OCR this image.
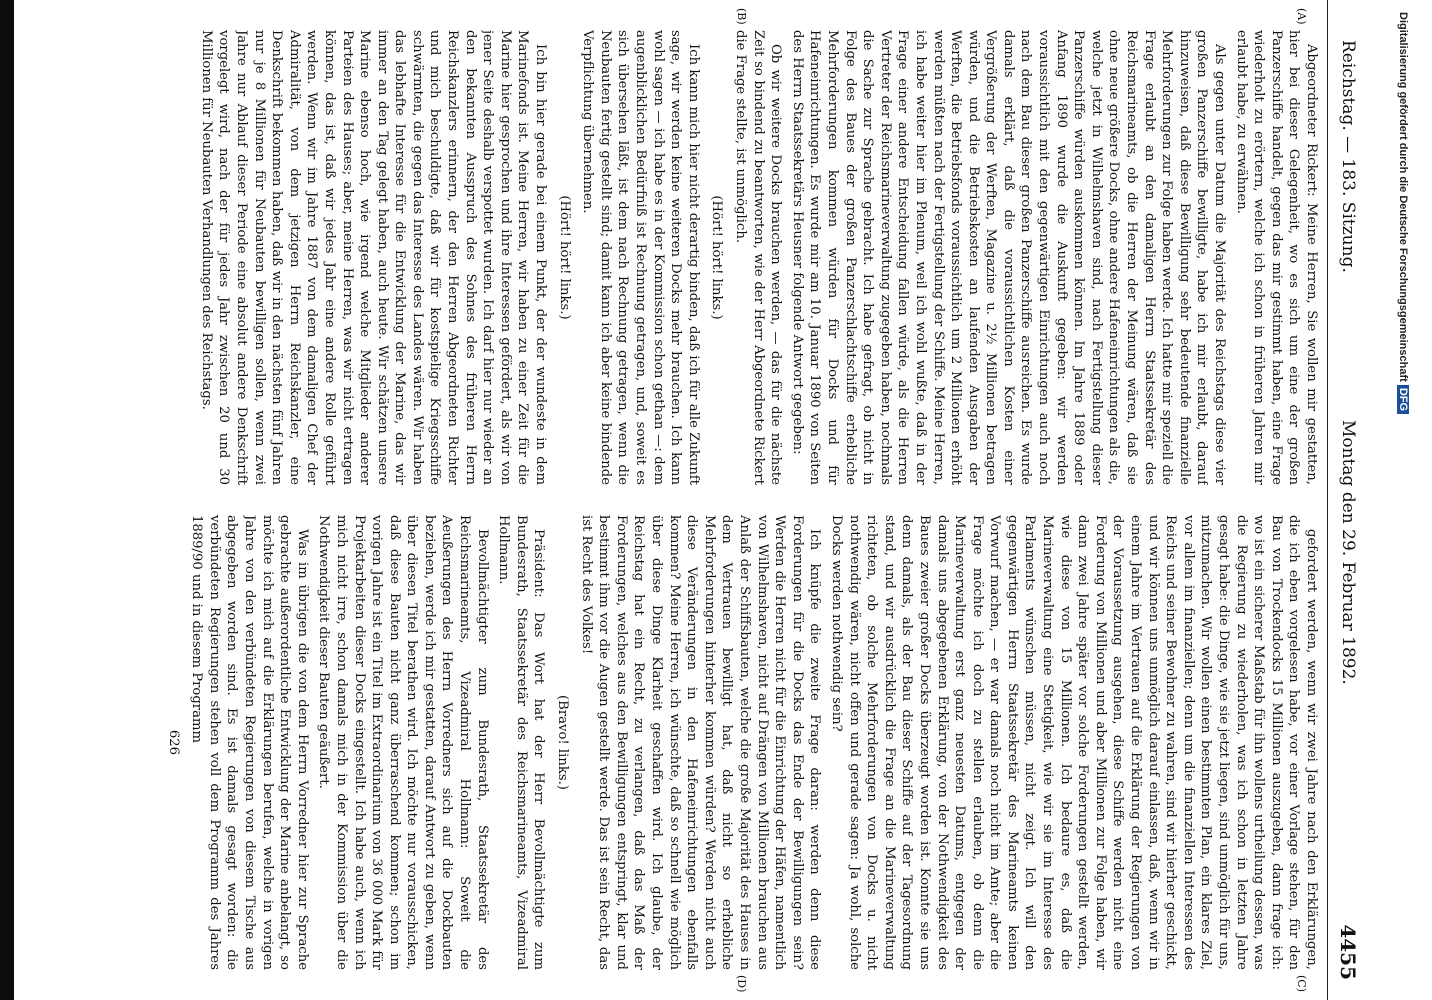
Reichstag. — 183. Sitzung.
Montag den 29. Februar 1892.
4455
(A)
(B)
(C)
(D)

Abgeordneter Rickert: Meine Herren, Sie wollen mir gestatten, hier bei dieser Gelegenheit, wo es sich um eine der großen Panzerschiffe handelt, gegen das mir gestimmt haben, eine Frage wiederholt zu erörtern, welche ich schon in früheren Jahren mir erlaubt habe, zu erwähnen.

Als gegen unter Datum die Majorität des Reichstags diese vier großen Panzerschiffe bewilligte, habe ich mir erlaubt, darauf hinzuweisen, daß diese Bewilligung sehr bedeutende finanzielle Mehrforderungen zur Folge haben werde. Ich hatte mir speziell die Frage erlaubt an den damaligen Herrn Staatssekretär des Reichsmarineamts, ob die Herren der Meinung wären, daß sie ohne neue größere Docks, ohne andere Hafeneinrichtungen als die, welche jetzt in Wilhelmshaven sind, nach Fertigstellung dieser Panzerschiffe würden auskommen können. Im Jahre 1889 oder Anfang 1890 wurde die Auskunft gegeben: wir werden voraussichtlich mit den gegenwärtigen Einrichtungen auch noch nach dem Bau dieser großen Panzerschiffe ausreichen. Es wurde damals erklärt, daß die voraussichtlichen Kosten einer Vergrößerung der Werften, Magazine u. 2½ Millionen betragen würden, und die Betriebskosten an laufenden Ausgaben der Werften, die Betriebsfonds voraussichtlich um 2 Millionen erhöht werden müßten nach der Fertigstellung der Schiffe. Meine Herren, ich habe weiter hier im Plenum, weil ich wohl wußte, daß in der Frage einer andere Entscheidung fallen würde, als die Herren Vertreter der Reichsmarineverwaltung zugegeben haben, nochmals die Sache zur Sprache gebracht. Ich habe gefragt, ob nicht in Folge des Baues der großen Panzerschlachtschiffe erhebliche Mehrforderungen kommen würden für Docks und für Hafeneinrichtungen. Es wurde mir am 10. Januar 1890 von Seiten des Herrn Staatssekretärs Heusner folgende Antwort gegeben:

Ob wir weitere Docks brauchen werden, — das für die nächste Zeit so bindend zu beantworten, wie der Herr Abgeordnete Rickert die Frage stellte, ist unmöglich.

(Hört! hört! links.)

Ich kann mich hier nicht derartig binden, daß ich für alle Zukunft sage, wir werden keine weiteren Docks mehr brauchen. Ich kann wohl sagen — ich habe es in der Kommission schon gethan —: dem augenblicklichen Bedürfniß ist Rechnung getragen, und, soweit es sich übersehen läßt, ist dem nach Rechnung getragen, wenn die Neubauten fertig gestellt sind; damit kann ich aber keine bindende Verpflichtung übernehmen.

(Hört! hört! links.)

Ich bin hier gerade bei einem Punkt, der der wundeste in dem Marinefonds ist. Meine Herren, wir haben zu einer Zeit für die Marine hier gesprochen und ihre Interessen gefördert, als wir von jener Seite deshalb verspottet wurden. Ich darf hier nur wieder an den bekannten Ausspruch des Sohnes des früheren Herrn Reichskanzlers erinnern, der den Herren Abgeordneten Richter und mich beschuldigte, daß wir für kostspielige Kriegsschiffe schwärmten, die gegen das Interesse des Landes wären. Wir haben das lebhafte Interesse für die Entwicklung der Marine, das wir immer an den Tag gelegt haben, auch heute. Wir schätzen unsere Marine ebenso hoch, wie irgend welche Mitglieder anderer Parteien des Hauses; aber, meine Herren, was wir nicht ertragen können, das ist, daß wir jedes Jahr eine andere Rolle geführt werden. Wenn wir im Jahre 1887 von dem damaligen Chef der Admiralität, von dem jetzigen Herrn Reichskanzler, eine Denkschrift bekommen haben, daß wir in den nächsten fünf Jahren nur je 8 Millionen für Neubauten bewilligen sollen, wenn zwei Jahre nur Ablauf dieser Periode eine absolut andere Denkschrift vorgelegt wird, nach der für jedes Jahr zwischen 20 und 30 Millionen für Neubauten Verhandlungen des Reichstags.

gefordert werden, wenn wir zwei Jahre nach den Erklärungen, die ich eben vorgelesen habe, vor einer Vorlage stehen, für den Bau von Trockendocks 15 Millionen auszugeben, dann frage ich: wo ist ein sicherer Maßstab für ihn wollens urtheilung dessen, was die Regierung zu wiederholen, was ich schon in letzten Jahre gesagt habe: die Dinge, wie sie jetzt liegen, sind unmöglich für uns, mitzumachen. Wir wollen einen bestimmten Plan, ein klares Ziel, vor allem im finanziellen; denn um die finanziellen Interessen des Reichs und seiner Bewohner zu wahren, sind wir hierher geschickt, und wir können uns unmöglich darauf einlassen, daß, wenn wir in einem Jahre im Vertrauen auf die Erklärung der Regierungen von der Voraussetzung ausgehen, diese Schiffe werden nicht eine Forderung von Millionen und aber Millionen zur Folge haben, wir dann zwei Jahre später vor solche Forderungen gestellt werden, wie diese von 15 Millionen. Ich bedaure es, daß die Marineverwaltung eine Stetigkeit, wie wir sie im Interesse des Parlaments wünschen müssen, nicht zeigt. Ich will den gegenwärtigen Herrn Staatssekretär des Marineamts keinen Vorwurf machen, — er war damals noch nicht im Amte; aber die Frage möchte ich doch zu stellen erlauben, ob denn die Marineverwaltung erst ganz neuesten Datums, entgegen der damals uns abgegebenen Erklärung, von der Nothwendigkeit des Baues zweier großer Docks überzeugt worden ist. Konnte sie uns denn damals, als der Bau dieser Schiffe auf der Tagesordnung stand, und wir ausdrücklich die Frage an die Marineverwaltung richteten, ob solche Mehrforderungen von Docks u. nicht nothwendig wären, nicht offen und gerade sagen: Ja wohl, solche Docks werden nothwendig sein?

Ich knüpfe die zweite Frage daran: werden denn diese Forderungen für die Docks das Ende der Bewilligungen sein? Werden die Herren nicht für die Einrichtung der Häfen, namentlich von Wilhelmshaven, nicht auf Drängen von Millionen brauchen aus Anlaß der Schiffsbauten, welche die große Majorität des Hauses in dem Vertrauen bewilligt hat, daß nicht so erhebliche Mehrforderungen hinterher kommen würden? Werden nicht auch diese Veränderungen in den Hafeneinrichtungen ebenfalls kommen? Meine Herren, ich wünschte, daß so schnell wie möglich über diese Dinge Klarheit geschaffen wird. Ich glaube, der Reichstag hat ein Recht, zu verlangen, daß das Maß der Forderungen, welches aus den Bewilligungen entspringt, klar und bestimmt ihm vor die Augen gestellt werde. Das ist sein Recht, das ist Recht des Volkes!

(Bravo! links.)

Präsident: Das Wort hat der Herr Bevollmächtigte zum Bundesrath, Staatssekretär des Reichsmarineamts, Vizeadmiral Hollmann.

Bevollmächtigter zum Bundesrath, Staatssekretär des Reichsmarineamts, Vizeadmiral Hollmann: Soweit die Aeußerungen des Herrn Vorredners sich auf die Dockbauten beziehen, werde ich mir gestatten, darauf Antwort zu geben, wenn über diesen Titel berathen wird. Ich möchte nur vorausschicken, daß diese Bauten nicht ganz überraschend kommen; schon im vorigen Jahre ist ein Titel im Extraordinarium von 36 000 Mark für Projektarbeiten dieser Docks eingestellt. Ich habe auch, wenn ich mich nicht irre, schon damals mich in der Kommission über die Nothwendigkeit dieser Bauten geäußert.

Was im übrigen die von dem Herrn Vorredner hier zur Sprache gebrachte außerordentliche Entwicklung der Marine anbelangt, so möchte ich mich auf die Erklärungen berufen, welche in vorigen Jahre von den verbündeten Regierungen von diesem Tische aus abgegeben worden sind. Es ist damals gesagt worden: die verbündeten Regierungen stehen voll dem Programm des Jahres 1889/90 und in diesem Programm

626

Digitalisierung gefördert durch die Deutsche Forschungsgemeinschaft DFG
